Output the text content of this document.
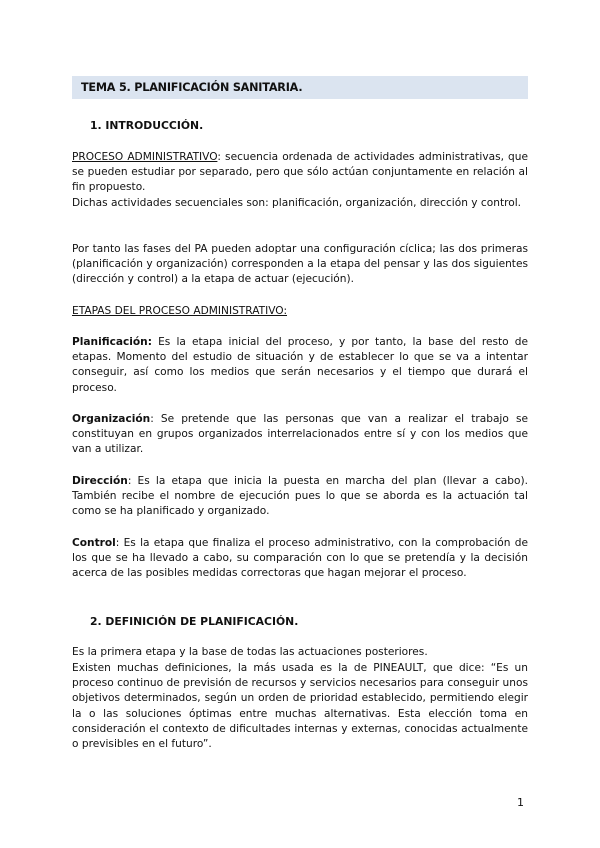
TEMA 5. PLANIFICACIÓN SANITARIA.
1. INTRODUCCIÓN.
PROCESO ADMINISTRATIVO: secuencia ordenada de actividades administrativas, que se pueden estudiar por separado, pero que sólo actúan conjuntamente en relación al fin propuesto.
Dichas actividades secuenciales son: planificación, organización, dirección y control.
Por tanto las fases del PA pueden adoptar una configuración cíclica; las dos primeras (planificación y organización) corresponden a la etapa del pensar y las dos siguientes (dirección y control) a la etapa de actuar (ejecución).
ETAPAS DEL PROCESO ADMINISTRATIVO:
Planificación: Es la etapa inicial del proceso, y por tanto, la base del resto de etapas. Momento del estudio de situación y de establecer lo que se va a intentar conseguir, así como los medios que serán necesarios y el tiempo que durará el proceso.
Organización: Se pretende que las personas que van a realizar el trabajo se constituyan en grupos organizados interrelacionados entre sí y con los medios que van a utilizar.
Dirección: Es la etapa que inicia la puesta en marcha del plan (llevar a cabo). También recibe el nombre de ejecución pues lo que se aborda es la actuación tal como se ha planificado y organizado.
Control: Es la etapa que finaliza el proceso administrativo, con la comprobación de los que se ha llevado a cabo, su comparación con lo que se pretendía y la decisión acerca de las posibles medidas correctoras que hagan mejorar el proceso.
2. DEFINICIÓN DE PLANIFICACIÓN.
Es la primera etapa y la base de todas las actuaciones posteriores.
Existen muchas definiciones, la más usada es la de PINEAULT, que dice: “Es un proceso continuo de previsión de recursos y servicios necesarios para conseguir unos objetivos determinados, según un orden de prioridad establecido, permitiendo elegir la o las soluciones óptimas entre muchas alternativas. Esta elección toma en consideración el contexto de dificultades internas y externas, conocidas actualmente o previsibles en el futuro”.
1
